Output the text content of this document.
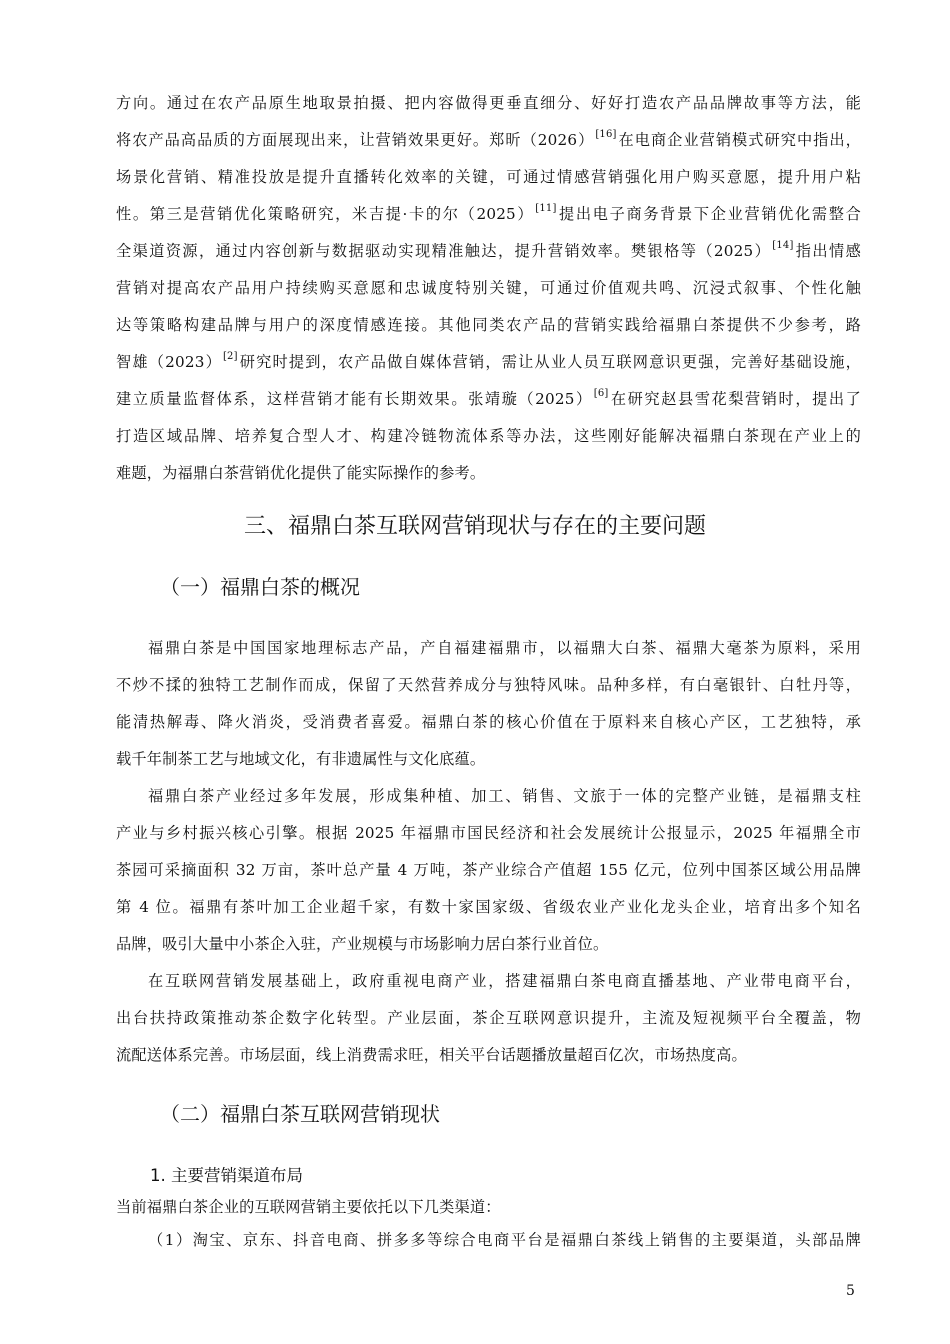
方向。通过在农产品原生地取景拍摄、把内容做得更垂直细分、好好打造农产品品牌故事等方法，能
将农产品高品质的方面展现出来，让营销效果更好。郑昕（2026）[16]在电商企业营销模式研究中指出，
场景化营销、精准投放是提升直播转化效率的关键，可通过情感营销强化用户购买意愿，提升用户粘
性。第三是营销优化策略研究，米吉提·卡的尔（2025）[11]提出电子商务背景下企业营销优化需整合
全渠道资源，通过内容创新与数据驱动实现精准触达，提升营销效率。樊银格等（2025）[14]指出情感
营销对提高农产品用户持续购买意愿和忠诚度特别关键，可通过价值观共鸣、沉浸式叙事、个性化触
达等策略构建品牌与用户的深度情感连接。其他同类农产品的营销实践给福鼎白茶提供不少参考，路
智雄（2023）[2]研究时提到，农产品做自媒体营销，需让从业人员互联网意识更强，完善好基础设施，
建立质量监督体系，这样营销才能有长期效果。张靖璇（2025）[6]在研究赵县雪花梨营销时，提出了
打造区域品牌、培养复合型人才、构建冷链物流体系等办法，这些刚好能解决福鼎白茶现在产业上的
难题，为福鼎白茶营销优化提供了能实际操作的参考。
三、福鼎白茶互联网营销现状与存在的主要问题
（一）福鼎白茶的概况
福鼎白茶是中国国家地理标志产品，产自福建福鼎市，以福鼎大白茶、福鼎大毫茶为原料，采用
不炒不揉的独特工艺制作而成，保留了天然营养成分与独特风味。品种多样，有白毫银针、白牡丹等，
能清热解毒、降火消炎，受消费者喜爱。福鼎白茶的核心价值在于原料来自核心产区，工艺独特，承
载千年制茶工艺与地域文化，有非遗属性与文化底蕴。
福鼎白茶产业经过多年发展，形成集种植、加工、销售、文旅于一体的完整产业链，是福鼎支柱
产业与乡村振兴核心引擎。根据 2025 年福鼎市国民经济和社会发展统计公报显示，2025 年福鼎全市
茶园可采摘面积 32 万亩，茶叶总产量 4 万吨，茶产业综合产值超 155 亿元，位列中国茶区域公用品牌
第 4 位。福鼎有茶叶加工企业超千家，有数十家国家级、省级农业产业化龙头企业，培育出多个知名
品牌，吸引大量中小茶企入驻，产业规模与市场影响力居白茶行业首位。
在互联网营销发展基础上，政府重视电商产业，搭建福鼎白茶电商直播基地、产业带电商平台，
出台扶持政策推动茶企数字化转型。产业层面，茶企互联网意识提升，主流及短视频平台全覆盖，物
流配送体系完善。市场层面，线上消费需求旺，相关平台话题播放量超百亿次，市场热度高。
（二）福鼎白茶互联网营销现状
1. 主要营销渠道布局
当前福鼎白茶企业的互联网营销主要依托以下几类渠道：
（1）淘宝、京东、抖音电商、拼多多等综合电商平台是福鼎白茶线上销售的主要渠道，头部品牌
5
